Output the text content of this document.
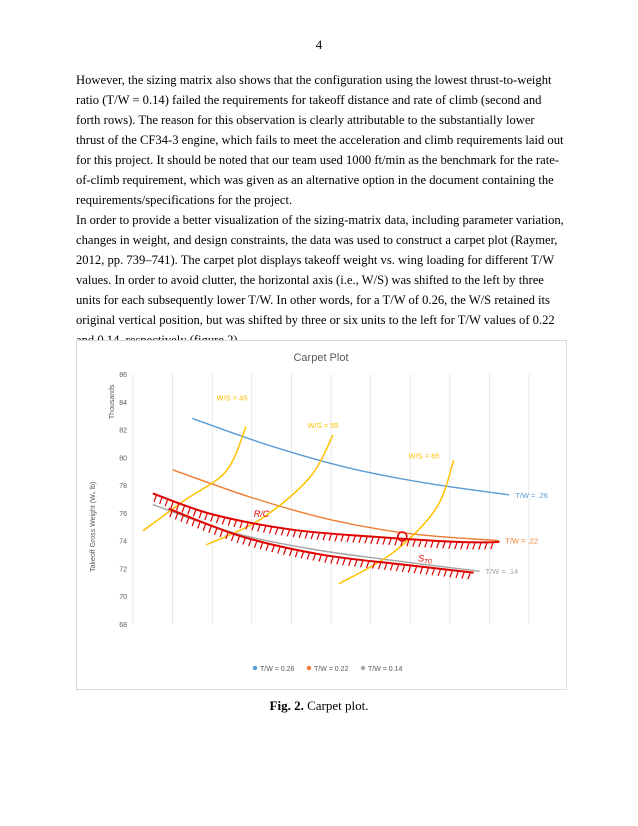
4

However, the sizing matrix also shows that the configuration using the lowest thrust-to-weight ratio (T/W = 0.14) failed the requirements for takeoff distance and rate of climb (second and forth rows). The reason for this observation is clearly attributable to the substantially lower thrust of the CF34-3 engine, which fails to meet the acceleration and climb requirements laid out for this project. It should be noted that our team used 1000 ft/min as the benchmark for the rate-of-climb requirement, which was given as an alternative option in the document containing the requirements/specifications for the project.

In order to provide a better visualization of the sizing-matrix data, including parameter variation, changes in weight, and design constraints, the data was used to construct a carpet plot (Raymer, 2012, pp. 739–741). The carpet plot displays takeoff weight vs. wing loading for different T/W values. In order to avoid clutter, the horizontal axis (i.e., W/S) was shifted to the left by three units for each subsequently lower T/W. In other words, for a T/W of 0.26, the W/S retained its original vertical position, but was shifted by three or six units to the left for T/W values of 0.22

Carpet Plot
68
70
72
74
76
78
80
82
84
86
Thousands
Takeoff Gross Weight (W₀ lb)	T/W = .26
T/W = .22
T/W = .14
W/S = 45
W/S = 55
W/S = 65
R/C
$S_{TO}$
T/W = 0.26	T/W = 0.22	T/W = 0.14
Fig. 2. Carpet plot.
